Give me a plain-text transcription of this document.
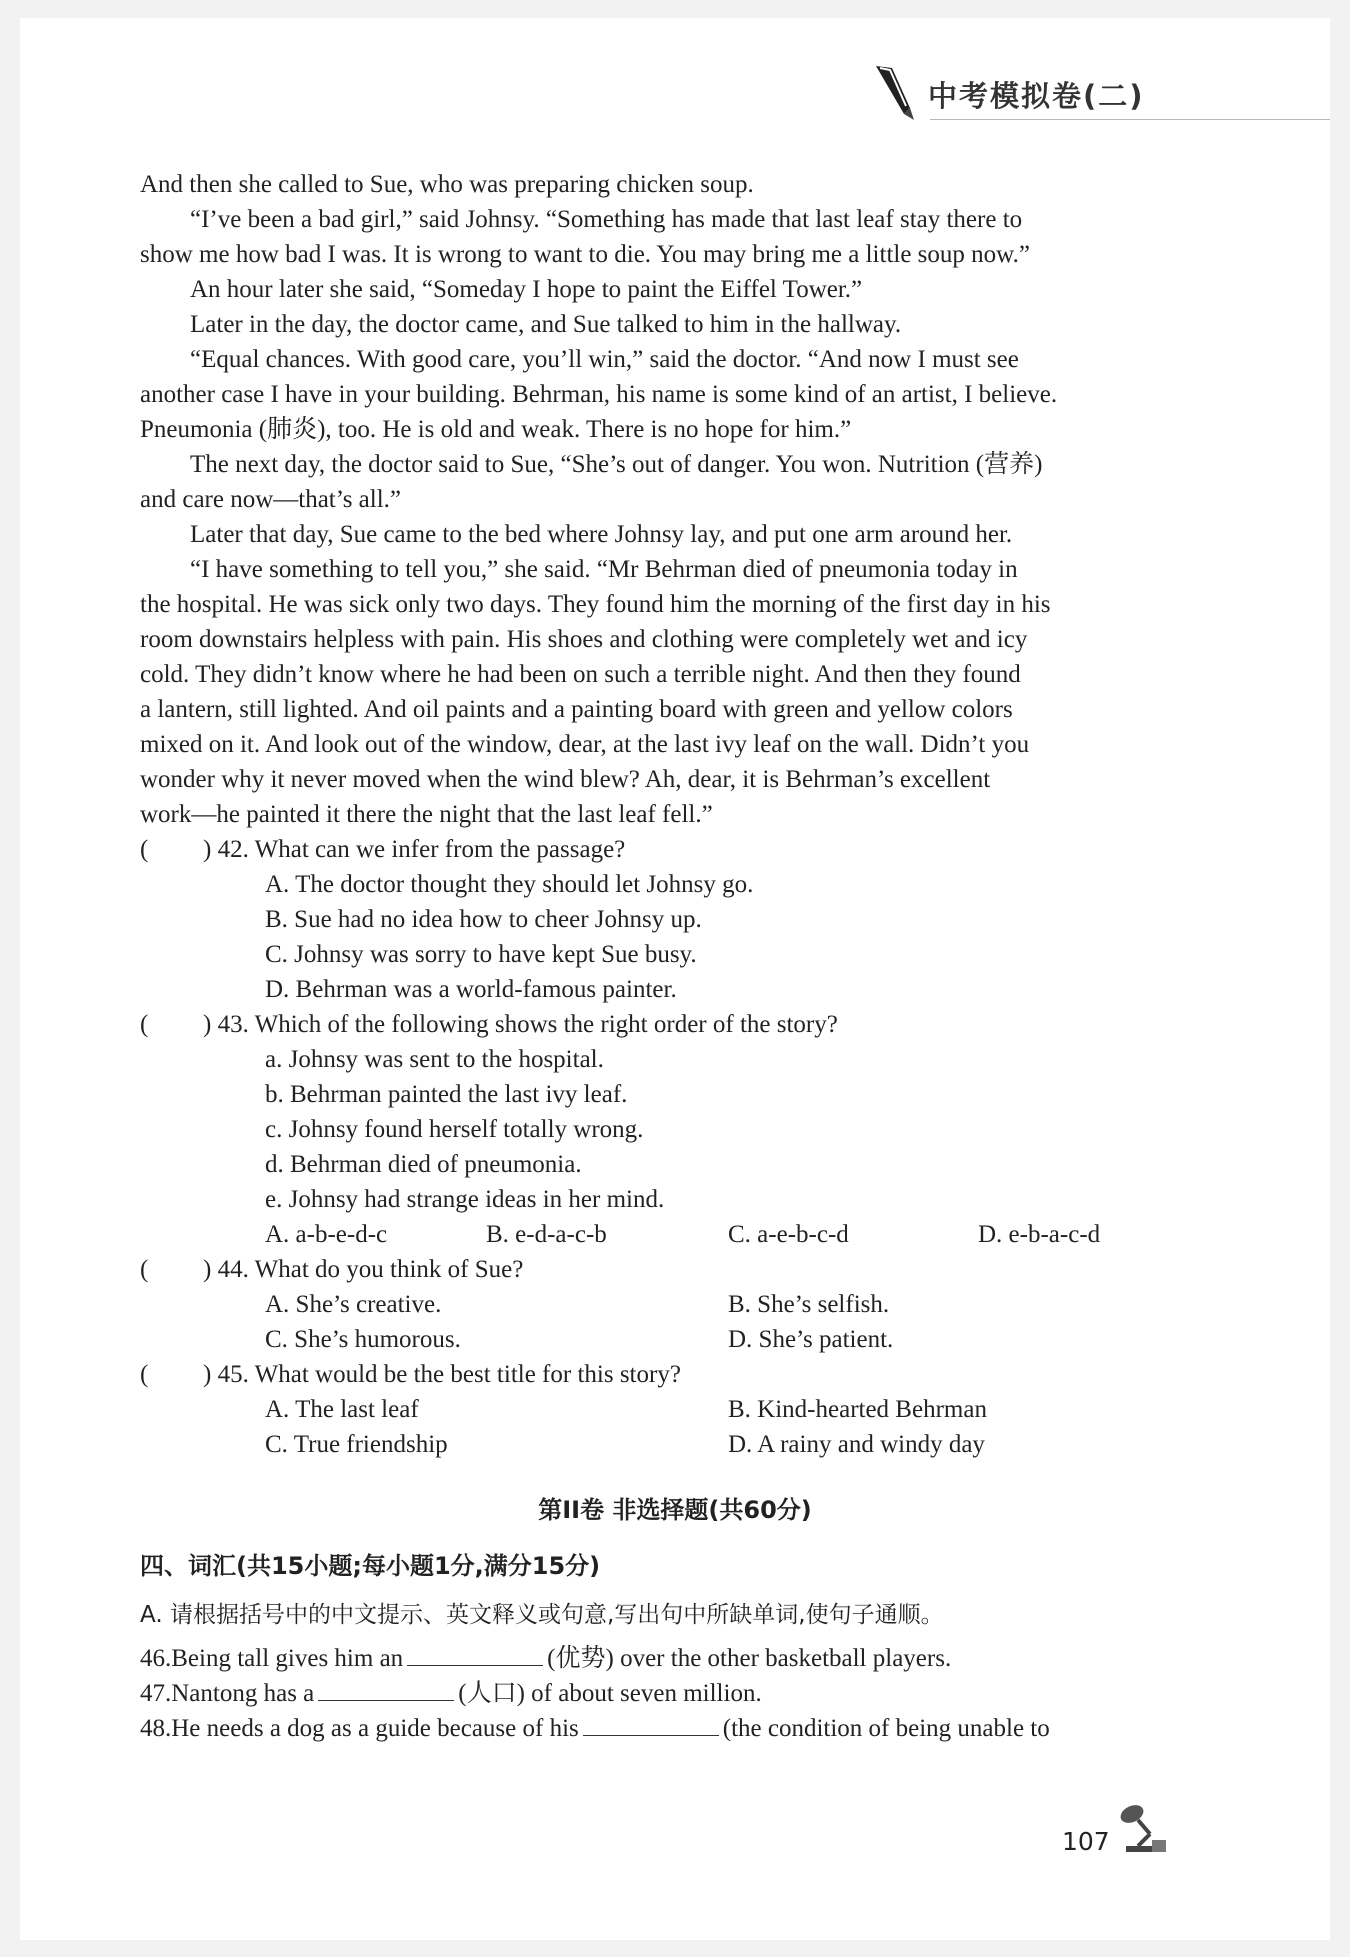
中考模拟卷(二)
And then she called to Sue, who was preparing chicken soup.
“I’ve been a bad girl,” said Johnsy. “Something has made that last leaf stay there to
show me how bad I was. It is wrong to want to die. You may bring me a little soup now.”
An hour later she said, “Someday I hope to paint the Eiffel Tower.”
Later in the day, the doctor came, and Sue talked to him in the hallway.
“Equal chances. With good care, you’ll win,” said the doctor. “And now I must see
another case I have in your building. Behrman, his name is some kind of an artist, I believe.
Pneumonia (肺炎), too. He is old and weak. There is no hope for him.”
The next day, the doctor said to Sue, “She’s out of danger. You won. Nutrition (营养)
and care now—that’s all.”
Later that day, Sue came to the bed where Johnsy lay, and put one arm around her.
“I have something to tell you,” she said. “Mr Behrman died of pneumonia today in
the hospital. He was sick only two days. They found him the morning of the first day in his
room downstairs helpless with pain. His shoes and clothing were completely wet and icy
cold. They didn’t know where he had been on such a terrible night. And then they found
a lantern, still lighted. And oil paints and a painting board with green and yellow colors
mixed on it. And look out of the window, dear, at the last ivy leaf on the wall. Didn’t you
wonder why it never moved when the wind blew? Ah, dear, it is Behrman’s excellent
work—he painted it there the night that the last leaf fell.”
( ) 42. What can we infer from the passage?
A. The doctor thought they should let Johnsy go.
B. Sue had no idea how to cheer Johnsy up.
C. Johnsy was sorry to have kept Sue busy.
D. Behrman was a world-famous painter.
( ) 43. Which of the following shows the right order of the story?
a. Johnsy was sent to the hospital.
b. Behrman painted the last ivy leaf.
c. Johnsy found herself totally wrong.
d. Behrman died of pneumonia.
e. Johnsy had strange ideas in her mind.
A. a-b-e-d-c	B. e-d-a-c-b	C. a-e-b-c-d	D. e-b-a-c-d
( ) 44. What do you think of Sue?
A. She’s creative.	B. She’s selfish.
C. She’s humorous.	D. She’s patient.
( ) 45. What would be the best title for this story?
A. The last leaf	B. Kind-hearted Behrman
C. True friendship	D. A rainy and windy day
第II卷 非选择题(共60分)
四、词汇(共15小题;每小题1分,满分15分)
A. 请根据括号中的中文提示、英文释义或句意,写出句中所缺单词,使句子通顺。
46.Being tall gives him an	(优势) over the other basketball players.
47.Nantong has a	(人口) of about seven million.
48.He needs a dog as a guide because of his	(the condition of being unable to
107
